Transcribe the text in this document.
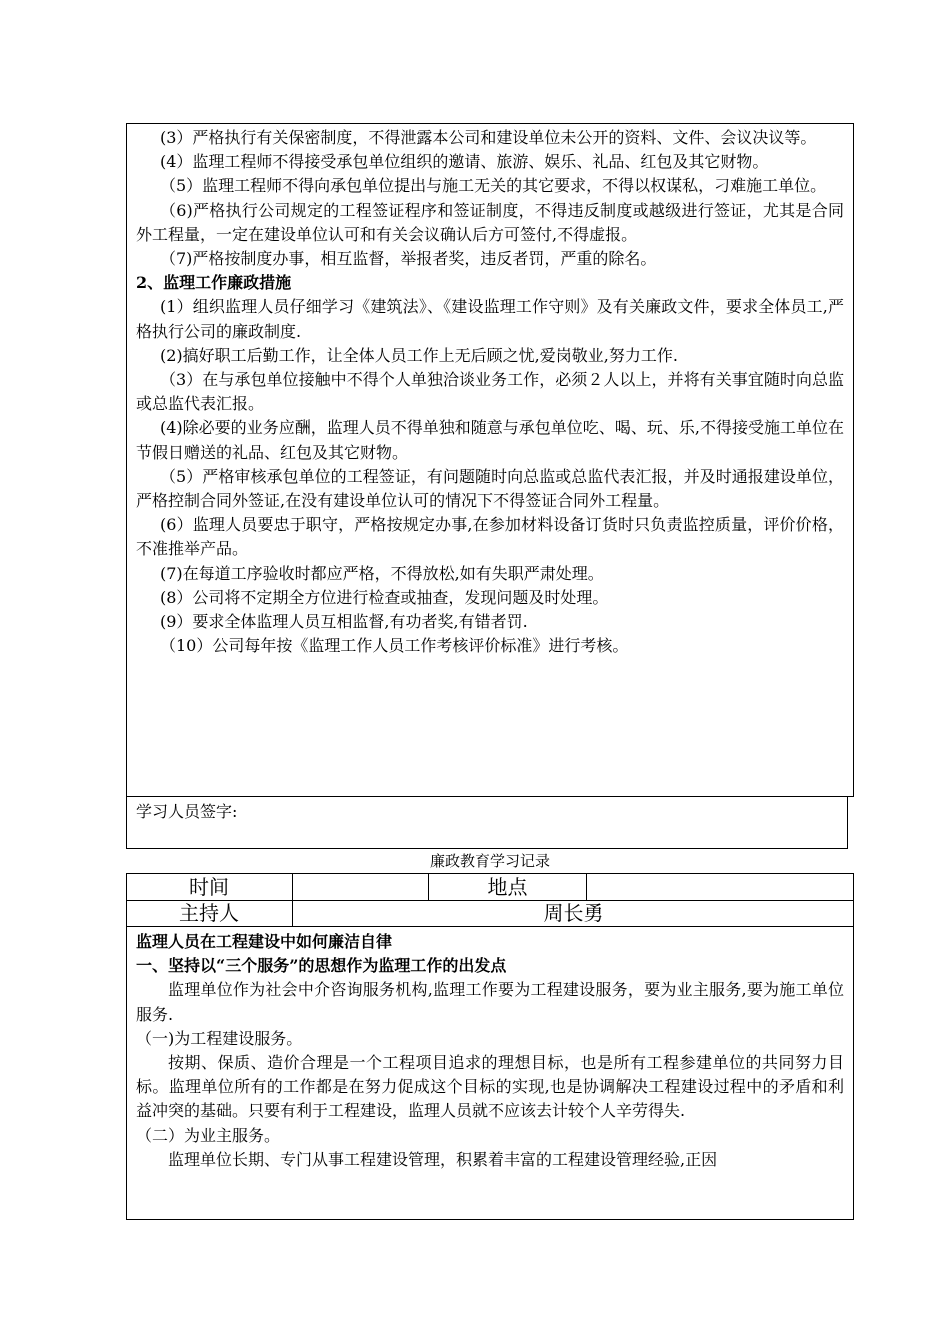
(3）严格执行有关保密制度，不得泄露本公司和建设单位未公开的资料、文件、会议决议等。

(4）监理工程师不得接受承包单位组织的邀请、旅游、娱乐、礼品、红包及其它财物。

（5）监理工程师不得向承包单位提出与施工无关的其它要求，不得以权谋私，刁难施工单位。

（6)严格执行公司规定的工程签证程序和签证制度，不得违反制度或越级进行签证，尤其是合同外工程量，一定在建设单位认可和有关会议确认后方可签付,不得虚报。

（7)严格按制度办事，相互监督，举报者奖，违反者罚，严重的除名。

2、监理工作廉政措施

(1）组织监理人员仔细学习《建筑法》、《建设监理工作守则》及有关廉政文件，要求全体员工,严格执行公司的廉政制度.

(2)搞好职工后勤工作，让全体人员工作上无后顾之忧,爱岗敬业,努力工作.

（3）在与承包单位接触中不得个人单独洽谈业务工作，必须２人以上，并将有关事宜随时向总监或总监代表汇报。

(4)除必要的业务应酬，监理人员不得单独和随意与承包单位吃、喝、玩、乐,不得接受施工单位在节假日赠送的礼品、红包及其它财物。

（5）严格审核承包单位的工程签证，有问题随时向总监或总监代表汇报，并及时通报建设单位，严格控制合同外签证,在没有建设单位认可的情况下不得签证合同外工程量。

(6）监理人员要忠于职守，严格按规定办事,在参加材料设备订货时只负责监控质量，评价价格，不准推举产品。

(7)在每道工序验收时都应严格，不得放松,如有失职严肃处理。

(8）公司将不定期全方位进行检查或抽查，发现问题及时处理。

(9）要求全体监理人员互相监督,有功者奖,有错者罚.

（10）公司每年按《监理工作人员工作考核评价标准》进行考核。

学习人员签字:
廉政教育学习记录
时间	地点
主持人	周长勇

监理人员在工程建设中如何廉洁自律

一、坚持以“三个服务”的思想作为监理工作的出发点

监理单位作为社会中介咨询服务机构,监理工作要为工程建设服务，要为业主服务,要为施工单位服务.

（一)为工程建设服务。

按期、保质、造价合理是一个工程项目追求的理想目标，也是所有工程参建单位的共同努力目标。监理单位所有的工作都是在努力促成这个目标的实现,也是协调解决工程建设过程中的矛盾和利益冲突的基础。只要有利于工程建设，监理人员就不应该去计较个人辛劳得失.

（二）为业主服务。

监理单位长期、专门从事工程建设管理，积累着丰富的工程建设管理经验,正因
